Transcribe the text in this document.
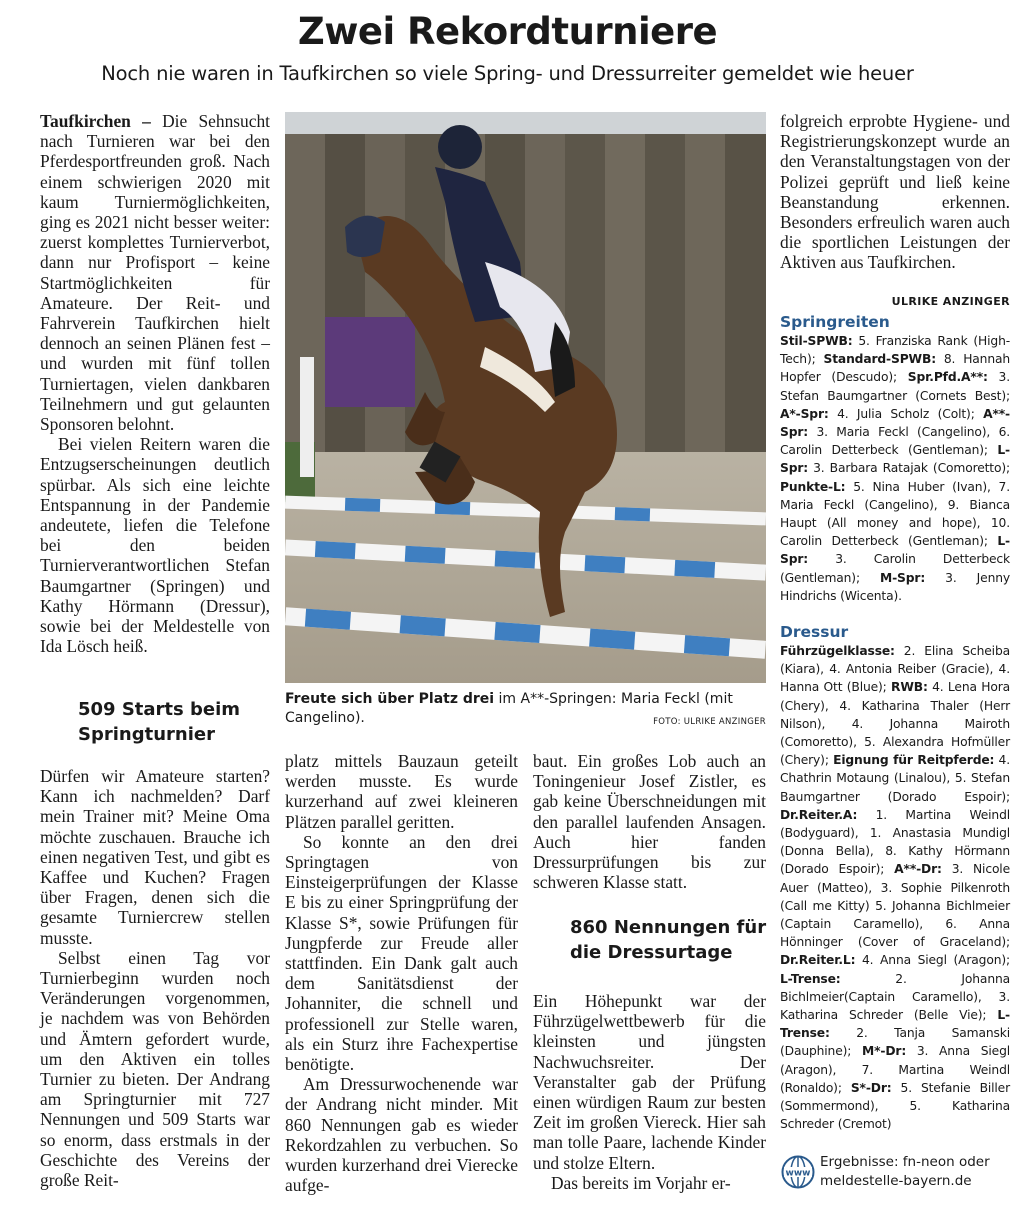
Zwei Rekordturniere
Noch nie waren in Taufkirchen so viele Spring- und Dressurreiter gemeldet wie heuer

Taufkirchen – Die Sehnsucht nach Turnieren war bei den Pferdesportfreunden groß. Nach einem schwierigen 2020 mit kaum Turniermöglichkeiten, ging es 2021 nicht besser weiter: zuerst komplettes Turnierverbot, dann nur Profisport – keine Startmöglichkeiten für Amateure. Der Reit- und Fahrverein Taufkirchen hielt dennoch an seinen Plänen fest – und wurden mit fünf tollen Turniertagen, vielen dankbaren Teilnehmern und gut gelaunten Sponsoren belohnt.

Bei vielen Reitern waren die Entzugserscheinungen deutlich spürbar. Als sich eine leichte Entspannung in der Pandemie andeutete, liefen die Telefone bei den beiden Turnierverantwortlichen Stefan Baumgartner (Springen) und Kathy Hörmann (Dressur), sowie bei der Meldestelle von Ida Lösch heiß.

509 Starts beim Springturnier

Dürfen wir Amateure starten? Kann ich nachmelden? Darf mein Trainer mit? Meine Oma möchte zuschauen. Brauche ich einen negativen Test, und gibt es Kaffee und Kuchen? Fragen über Fragen, denen sich die gesamte Turniercrew stellen musste.

Selbst einen Tag vor Turnierbeginn wurden noch Veränderungen vorgenommen, je nachdem was von Behörden und Ämtern gefordert wurde, um den Aktiven ein tolles Turnier zu bieten. Der Andrang am Springturnier mit 727 Nennungen und 509 Starts war so enorm, dass erstmals in der Geschichte des Vereins der große Reit-

Freute sich über Platz drei im A**-Springen: Maria Feckl (mit Cangelino).	FOTO: ULRIKE ANZINGER

platz mittels Bauzaun geteilt werden musste. Es wurde kurzerhand auf zwei kleineren Plätzen parallel geritten.

So konnte an den drei Springtagen von Einsteigerprüfungen der Klasse E bis zu einer Springprüfung der Klasse S*, sowie Prüfungen für Jungpferde zur Freude aller stattfinden. Ein Dank galt auch dem Sanitätsdienst der Johanniter, die schnell und professionell zur Stelle waren, als ein Sturz ihre Fachexpertise benötigte.

Am Dressurwochenende war der Andrang nicht minder. Mit 860 Nennungen gab es wieder Rekordzahlen zu verbuchen. So wurden kurzerhand drei Vierecke aufge-

baut. Ein großes Lob auch an Toningenieur Josef Zistler, es gab keine Überschneidungen mit den parallel laufenden Ansagen. Auch hier fanden Dressurprüfungen bis zur schweren Klasse statt.

860 Nennungen für die Dressurtage

Ein Höhepunkt war der Führzügelwettbewerb für die kleinsten und jüngsten Nachwuchsreiter. Der Veranstalter gab der Prüfung einen würdigen Raum zur besten Zeit im großen Viereck. Hier sah man tolle Paare, lachende Kinder und stolze Eltern.

Das bereits im Vorjahr er-

folgreich erprobte Hygiene- und Registrierungskonzept wurde an den Veranstaltungstagen von der Polizei geprüft und ließ keine Beanstandung erkennen. Besonders erfreulich waren auch die sportlichen Leistungen der Aktiven aus Taufkirchen.

ULRIKE ANZINGER
Springreiten
Stil-SPWB: 5. Franziska Rank (High-Tech); Standard-SPWB: 8. Hannah Hopfer (Descudo); Spr.Pfd.A**: 3. Stefan Baumgartner (Cornets Best); A*-Spr: 4. Julia Scholz (Colt); A**-Spr: 3. Maria Feckl (Cangelino), 6. Carolin Detterbeck (Gentleman); L-Spr: 3. Barbara Ratajak (Comoretto); Punkte-L: 5. Nina Huber (Ivan), 7. Maria Feckl (Cangelino), 9. Bianca Haupt (All money and hope), 10. Carolin Detterbeck (Gentleman); L-Spr: 3. Carolin Detterbeck (Gentleman); M-Spr: 3. Jenny Hindrichs (Wicenta).
Dressur
Führzügelklasse: 2. Elina Scheiba (Kiara), 4. Antonia Reiber (Gracie), 4. Hanna Ott (Blue); RWB: 4. Lena Hora (Chery), 4. Katharina Thaler (Herr Nilson), 4. Johanna Mairoth (Comoretto), 5. Alexandra Hofmüller (Chery); Eignung für Reitpferde: 4. Chathrin Motaung (Linalou), 5. Stefan Baumgartner (Dorado Espoir); Dr.Reiter.A: 1. Martina Weindl (Bodyguard), 1. Anastasia Mundigl (Donna Bella), 8. Kathy Hörmann (Dorado Espoir); A**-Dr: 3. Nicole Auer (Matteo), 3. Sophie Pilkenroth (Call me Kitty) 5. Johanna Bichlmeier (Captain Caramello), 6. Anna Hönninger (Cover of Graceland); Dr.Reiter.L: 4. Anna Siegl (Aragon); L-Trense: 2. Johanna Bichlmeier(Captain Caramello), 3. Katharina Schreder (Belle Vie); L-Trense: 2. Tanja Samanski (Dauphine); M*-Dr: 3. Anna Siegl (Aragon), 7. Martina Weindl (Ronaldo); S*-Dr: 5. Stefanie Biller (Sommermond), 5. Katharina Schreder (Cremot)
www
Ergebnisse: fn-neon oder
meldestelle-bayern.de
